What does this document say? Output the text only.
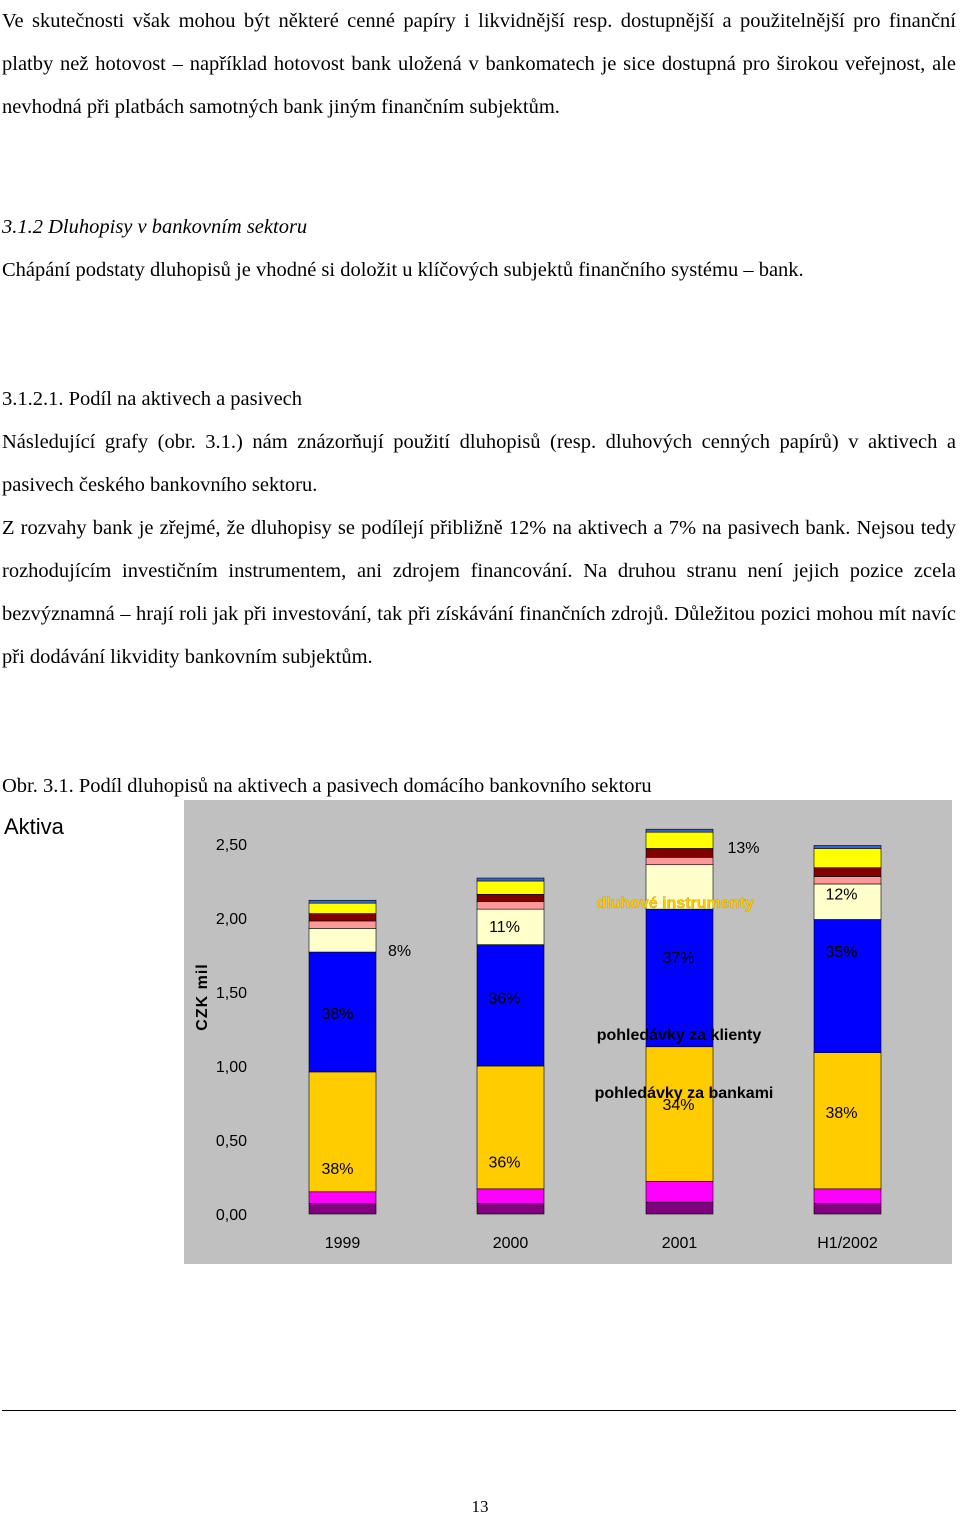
Ve skutečnosti však mohou být některé cenné papíry i likvidnější resp. dostupnější a použitelnější pro finanční platby než hotovost – například hotovost bank uložená v bankomatech je sice dostupná pro širokou veřejnost, ale nevhodná při platbách samotných bank jiným finančním subjektům.

3.1.2 Dluhopisy v bankovním sektoru

Chápání podstaty dluhopisů je vhodné si doložit u klíčových subjektů finančního systému – bank.

3.1.2.1. Podíl na aktivech a pasivech

Následující grafy (obr. 3.1.) nám znázorňují použití dluhopisů (resp. dluhových cenných papírů) v aktivech a pasivech českého bankovního sektoru.

Z rozvahy bank je zřejmé, že dluhopisy se podílejí přibližně 12% na aktivech a 7% na pasivech bank. Nejsou tedy rozhodujícím investičním instrumentem, ani zdrojem financování. Na druhou stranu není jejich pozice zcela bezvýznamná – hrají roli jak při investování, tak při získávání finančních zdrojů. Důležitou pozici mohou mít navíc při dodávání likvidity bankovním subjektům.

Obr. 3.1. Podíl dluhopisů na aktivech a pasivech domácího bankovního sektoru
Aktiva
CZK mil
0,00
0,50
1,00
1,50
2,00
2,50
1999	2000	2001	H1/2002
38%	36%
34%	38%
38%
36%
37%	35%
8%
11%
13%
12%
dluhové instrumenty
pohledávky za klienty
pohledávky za bankami
13
